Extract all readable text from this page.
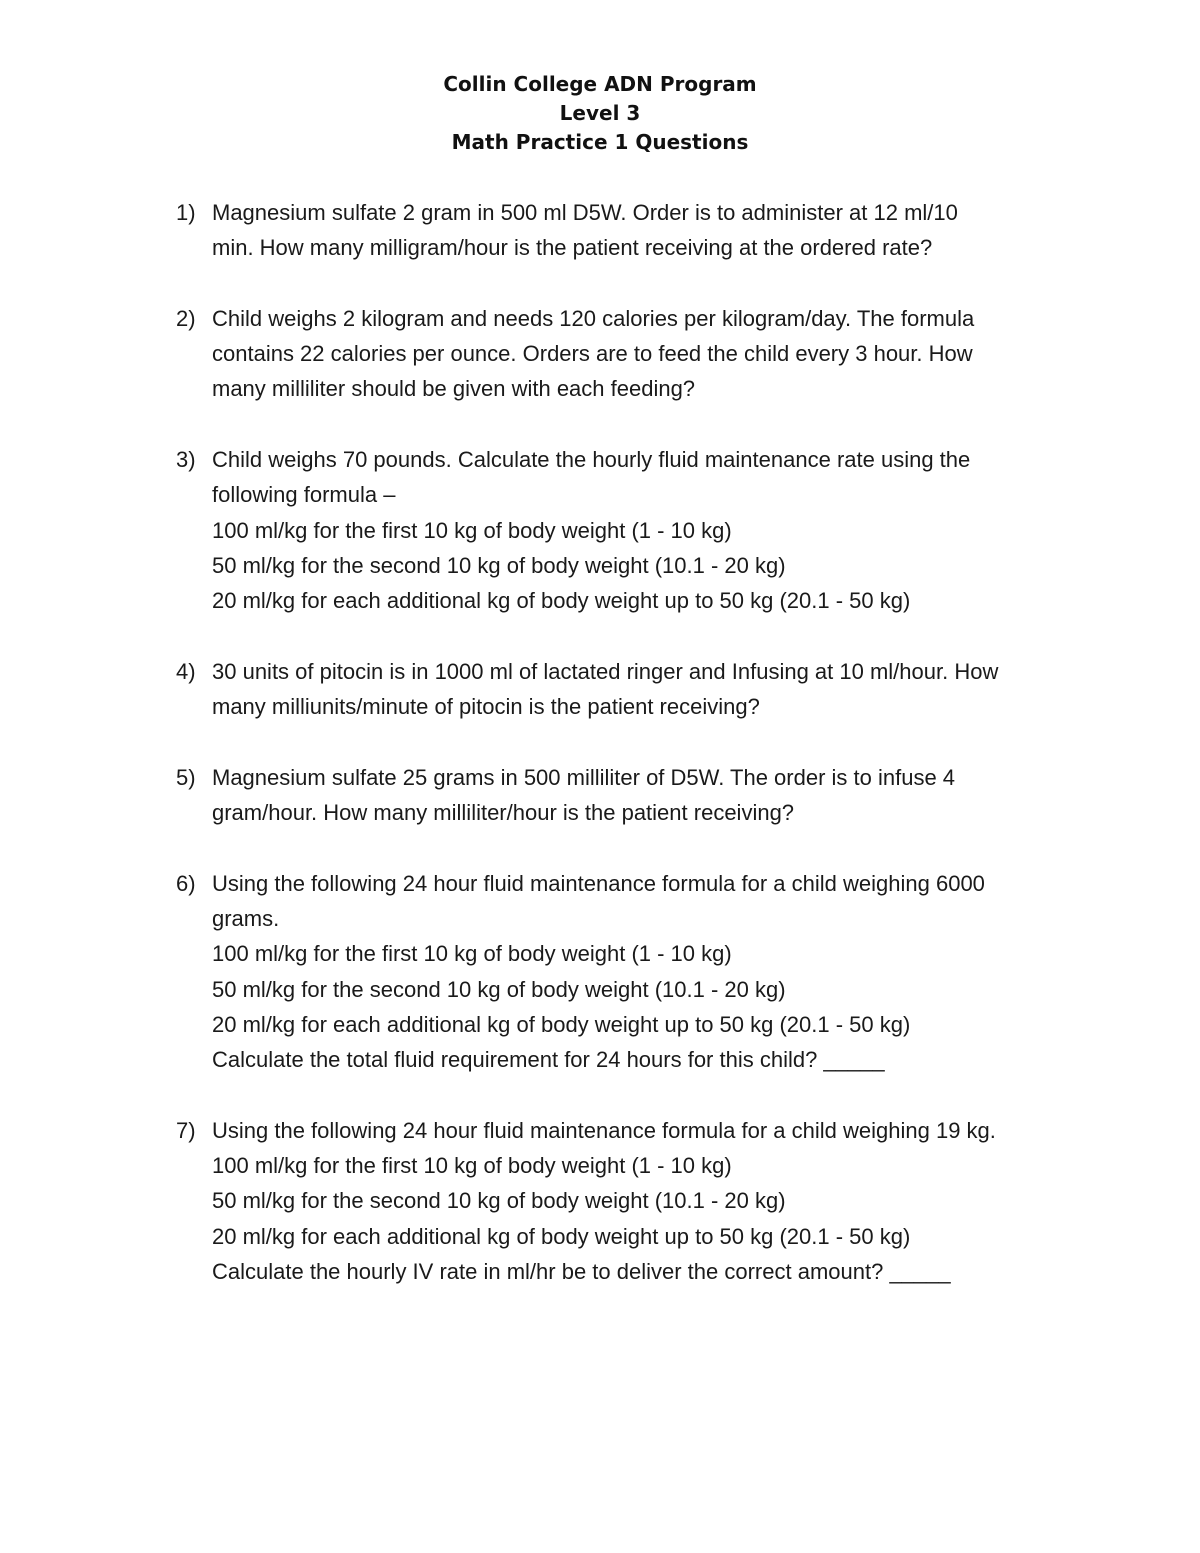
Collin College ADN Program
Level 3
Math Practice 1 Questions
1) Magnesium sulfate 2 gram in 500 ml D5W. Order is to administer at 12 ml/10
min. How many milligram/hour is the patient receiving at the ordered rate?
2) Child weighs 2 kilogram and needs 120 calories per kilogram/day. The formula
contains 22 calories per ounce. Orders are to feed the child every 3 hour. How
many milliliter should be given with each feeding?
3) Child weighs 70 pounds. Calculate the hourly fluid maintenance rate using the
following formula –
100 ml/kg for the first 10 kg of body weight (1 - 10 kg)
50 ml/kg for the second 10 kg of body weight (10.1 - 20 kg)
20 ml/kg for each additional kg of body weight up to 50 kg (20.1 - 50 kg)
4) 30 units of pitocin is in 1000 ml of lactated ringer and Infusing at 10 ml/hour. How
many milliunits/minute of pitocin is the patient receiving?
5) Magnesium sulfate 25 grams in 500 milliliter of D5W. The order is to infuse 4
gram/hour. How many milliliter/hour is the patient receiving?
6) Using the following 24 hour fluid maintenance formula for a child weighing 6000
grams.
100 ml/kg for the first 10 kg of body weight (1 - 10 kg)
50 ml/kg for the second 10 kg of body weight (10.1 - 20 kg)
20 ml/kg for each additional kg of body weight up to 50 kg (20.1 - 50 kg)
Calculate the total fluid requirement for 24 hours for this child? _____
7) Using the following 24 hour fluid maintenance formula for a child weighing 19 kg.
100 ml/kg for the first 10 kg of body weight (1 - 10 kg)
50 ml/kg for the second 10 kg of body weight (10.1 - 20 kg)
20 ml/kg for each additional kg of body weight up to 50 kg (20.1 - 50 kg)
Calculate the hourly IV rate in ml/hr be to deliver the correct amount? _____
